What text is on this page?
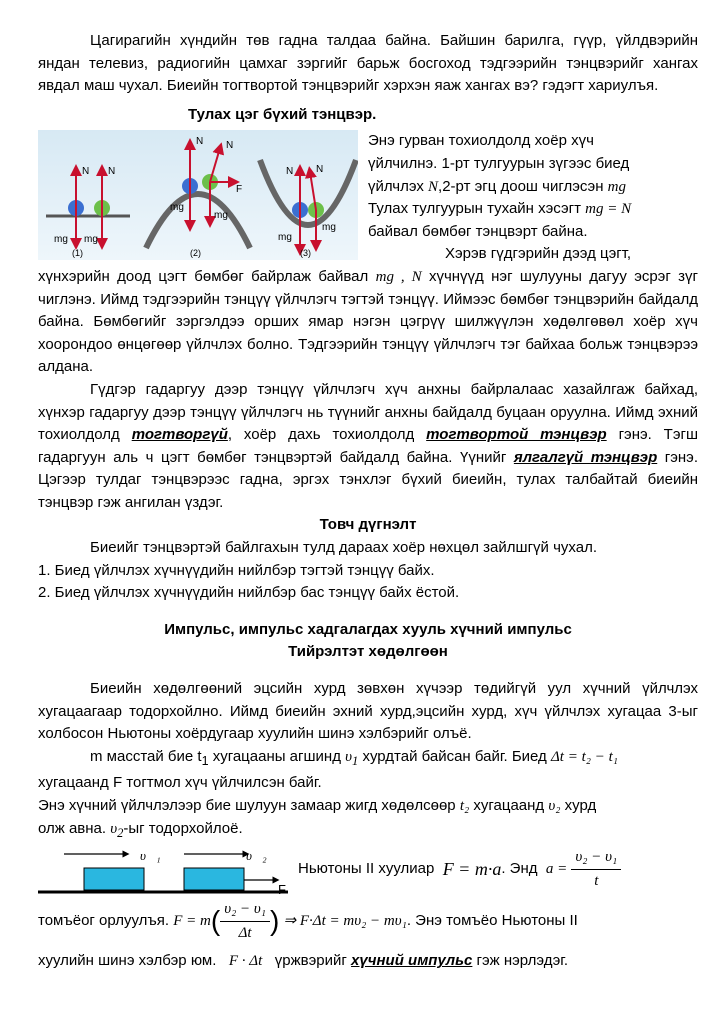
Цагирагийн хүндийн төв гадна талдаа байна. Байшин барилга, гүүр, үйлдвэрийн яндан телевиз, радиогийн цамхаг зэргийг барьж босгоход тэдгээрийн тэнцвэрийг хангах явдал маш чухал. Биеийн тогтвортой тэнцвэрийг хэрхэн яаж хангах вэ? гэдэгт хариулъя.

Тулах цэг бүхий тэнцвэр.
N N
mg mg
(1)
N N
F
mg
mg
(2)
N N
mg
mg
(3)

Энэ гурван тохиолдолд хоёр хүч

үйлчилнэ. 1-рт тулгуурын зүгээс биед

үйлчлэх N,2-рт эгц доош чиглэсэн mg

Тулах тулгуурын тухайн хэсэгт mg = N

байвал бөмбөг тэнцвэрт байна.

Хэрэв гүдгэрийн дээд цэгт,

хүнхэрийн доод цэгт бөмбөг байрлаж байвал mg , N хүчнүүд нэг шулууны дагуу эсрэг зүг чиглэнэ. Иймд тэдгээрийн тэнцүү үйлчлэгч тэгтэй тэнцүү. Иймээс бөмбөг тэнцвэрийн байдалд байна. Бөмбөгийг зэргэлдээ орших ямар нэгэн цэгрүү шилжүүлэн хөдөлгөвөл хоёр хүч хоорондоо өнцөгөөр үйлчлэх болно. Тэдгээрийн тэнцүү үйлчлэгч тэг байхаа больж тэнцвэрээ алдана.

Гүдгэр гадаргуу дээр тэнцүү үйлчлэгч хүч анхны байрлалаас хазайлгаж байхад, хүнхэр гадаргуу дээр тэнцүү үйлчлэгч нь түүнийг анхны байдалд буцаан оруулна. Иймд эхний тохиолдолд тогтворгүй, хоёр дахь тохиолдолд тогтвортой тэнцвэр гэнэ. Тэгш гадаргуун аль ч цэгт бөмбөг тэнцвэртэй байдалд байна. Үүнийг ялгалгүй тэнцвэр гэнэ. Цэгээр тулдаг тэнцвэрээс гадна, эргэх тэнхлэг бүхий биеийн, тулах талбайтай биеийн тэнцвэр гэж ангилан үздэг.

Товч дүгнэлт

Биеийг тэнцвэртэй байлгахын тулд дараах хоёр нөхцөл зайлшгүй чухал.

1. Биед үйлчлэх хүчнүүдийн нийлбэр тэгтэй тэнцүү байх.

2. Биед үйлчлэх хүчнүүдийн нийлбэр бас тэнцүү байх ёстой.

Импульс, импульс хадгалагдах хууль хүчний импульс
Тийрэлтэт хөдөлгөөн

Биеийн хөдөлгөөний эцсийн хурд зөвхөн хүчээр төдийгүй уул хүчний үйлчлэх хугацаагаар тодорхойлно. Иймд биеийн эхний хурд,эцсийн хурд, хүч үйлчлэх хугацаа 3-ыг холбосон Ньютоны хоёрдугаар хуулийн шинэ хэлбэрийг олъё.

m масстай бие $t_1$ хугацааны агшинд $\upsilon_1$ хурдтай байсан байг. Биед Δt = t₂ − t₁

хугацаанд F тогтмол хүч үйлчилсэн байг.

Энэ хүчний үйлчлэлээр бие шулуун замаар жигд хөдөлсөөр t₂ хугацаанд υ₂ хурд

олж авна. $\upsilon_2-ыг$ тодорхойлоё.

υ⃗₁	υ⃗₂
F
Ньютоны II хуулиар
F = m·a . Энд
a =
$\frac{\text{υ₂ − υ₁}}{t}$

томъёог орлуулъя.
F = m ( $\frac{\text{υ₂ − υ₁}}{\Delta t}$ )
⇒ F·Δt = mυ₂ − mυ₁ . Энэ томъёо Ньютоны II

хуулийн шинэ хэлбэр юм. F · Δt үржвэрийг хүчний импульс гэж нэрлэдэг.
